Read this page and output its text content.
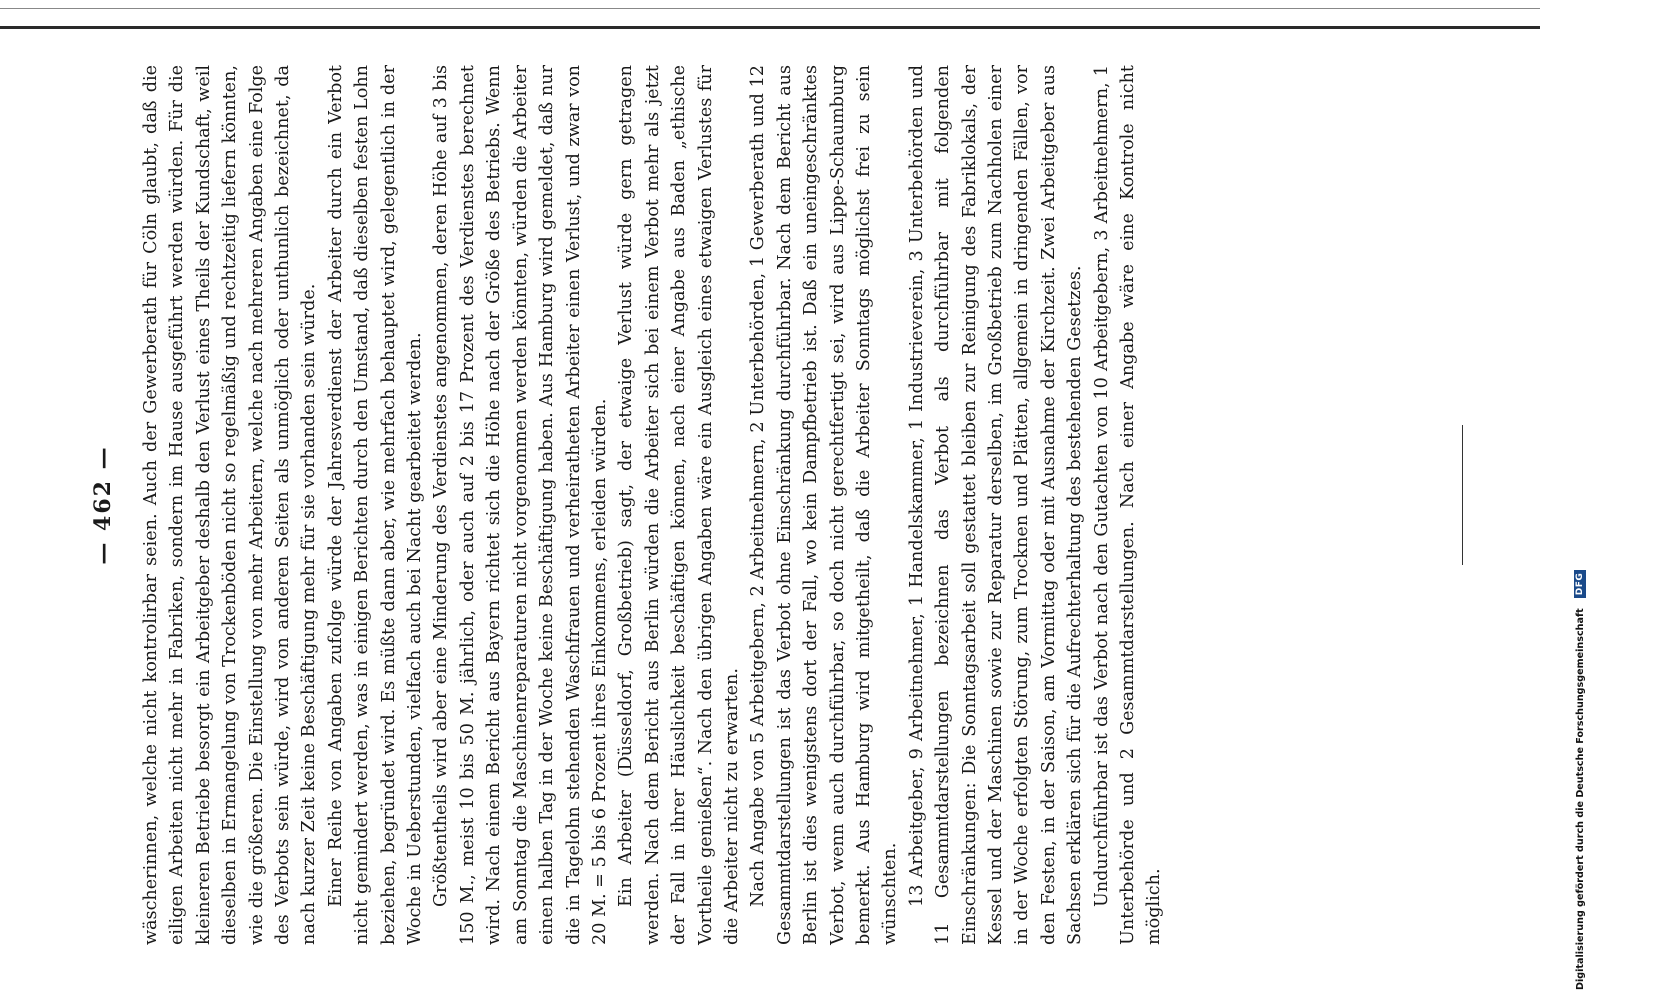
— 462 —	wäscherinnen, welche nicht kontrolirbar seien. Auch der Gewerberath für Cöln glaubt, daß die eiligen Arbeiten nicht mehr in Fabriken, sondern im Hause ausgeführt werden würden. Für die kleineren Betriebe besorgt ein Arbeitgeber deshalb den Verlust eines Theils der Kundschaft, weil dieselben in Ermangelung von Trockenböden nicht so regelmäßig und rechtzeitig liefern könnten, wie die größeren. Die Einstellung von mehr Arbeitern, welche nach mehreren Angaben eine Folge des Verbots sein würde, wird von anderen Seiten als unmöglich oder unthunlich bezeichnet, da nach kurzer Zeit keine Beschäftigung mehr für sie vorhanden sein würde. Einer Reihe von Angaben zufolge würde der Jahresverdienst der Arbeiter durch ein Verbot nicht gemindert werden, was in einigen Berichten durch den Umstand, daß dieselben festen Lohn beziehen, begründet wird. Es müßte dann aber, wie mehrfach behauptet wird, gelegentlich in der Woche in Ueberstunden, vielfach auch bei Nacht gearbeitet werden. Größtentheils wird aber eine Minderung des Verdienstes angenommen, deren Höhe auf 3 bis 150 M., meist 10 bis 50 M. jährlich, oder auch auf 2 bis 17 Prozent des Verdienstes berechnet wird. Nach einem Bericht aus Bayern richtet sich die Höhe nach der Größe des Betriebs. Wenn am Sonntag die Maschinenreparaturen nicht vorgenommen werden könnten, würden die Arbeiter einen halben Tag in der Woche keine Beschäftigung haben. Aus Hamburg wird gemeldet, daß nur die in Tagelohn stehenden Waschfrauen und verheiratheten Arbeiter einen Verlust, und zwar von 20 M. = 5 bis 6 Prozent ihres Einkommens, erleiden würden. Ein Arbeiter (Düsseldorf, Großbetrieb) sagt, der etwaige Verlust würde gern getragen werden. Nach dem Bericht aus Berlin würden die Arbeiter sich bei einem Verbot mehr als jetzt der Fall in ihrer Häuslichkeit beschäftigen können, nach einer Angabe aus Baden „ethische Vortheile genießen“. Nach den übrigen Angaben wäre ein Ausgleich eines etwaigen Verlustes für die Arbeiter nicht zu erwarten. Nach Angabe von 5 Arbeitgebern, 2 Arbeitnehmern, 2 Unterbehörden, 1 Gewerberath und 12 Gesammtdarstellungen ist das Verbot ohne Einschränkung durchführbar. Nach dem Bericht aus Berlin ist dies wenigstens dort der Fall, wo kein Dampfbetrieb ist. Daß ein uneingeschränktes Verbot, wenn auch durchführbar, so doch nicht gerechtfertigt sei, wird aus Lippe-Schaumburg bemerkt. Aus Hamburg wird mitgetheilt, daß die Arbeiter Sonntags möglichst frei zu sein wünschten. 13 Arbeitgeber, 9 Arbeitnehmer, 1 Handelskammer, 1 Industrieverein, 3 Unterbehörden und 11 Gesammtdarstellungen bezeichnen das Verbot als durchführbar mit folgenden Einschränkungen: Die Sonntagsarbeit soll gestattet bleiben zur Reinigung des Fabriklokals, der Kessel und der Maschinen sowie zur Reparatur derselben, im Großbetrieb zum Nachholen einer in der Woche erfolgten Störung, zum Trocknen und Plätten, allgemein in dringenden Fällen, vor den Festen, in der Saison, am Vormittag oder mit Ausnahme der Kirchzeit. Zwei Arbeitgeber aus Sachsen erklären sich für die Aufrechterhaltung des bestehenden Gesetzes. Undurchführbar ist das Verbot nach den Gutachten von 10 Arbeitgebern, 3 Arbeitnehmern, 1 Unterbehörde und 2 Gesammtdarstellungen. Nach einer Angabe wäre eine Kontrole nicht möglich.	Digitalisierung gefördert durch die Deutsche Forschungsgemeinschaft
DFG
